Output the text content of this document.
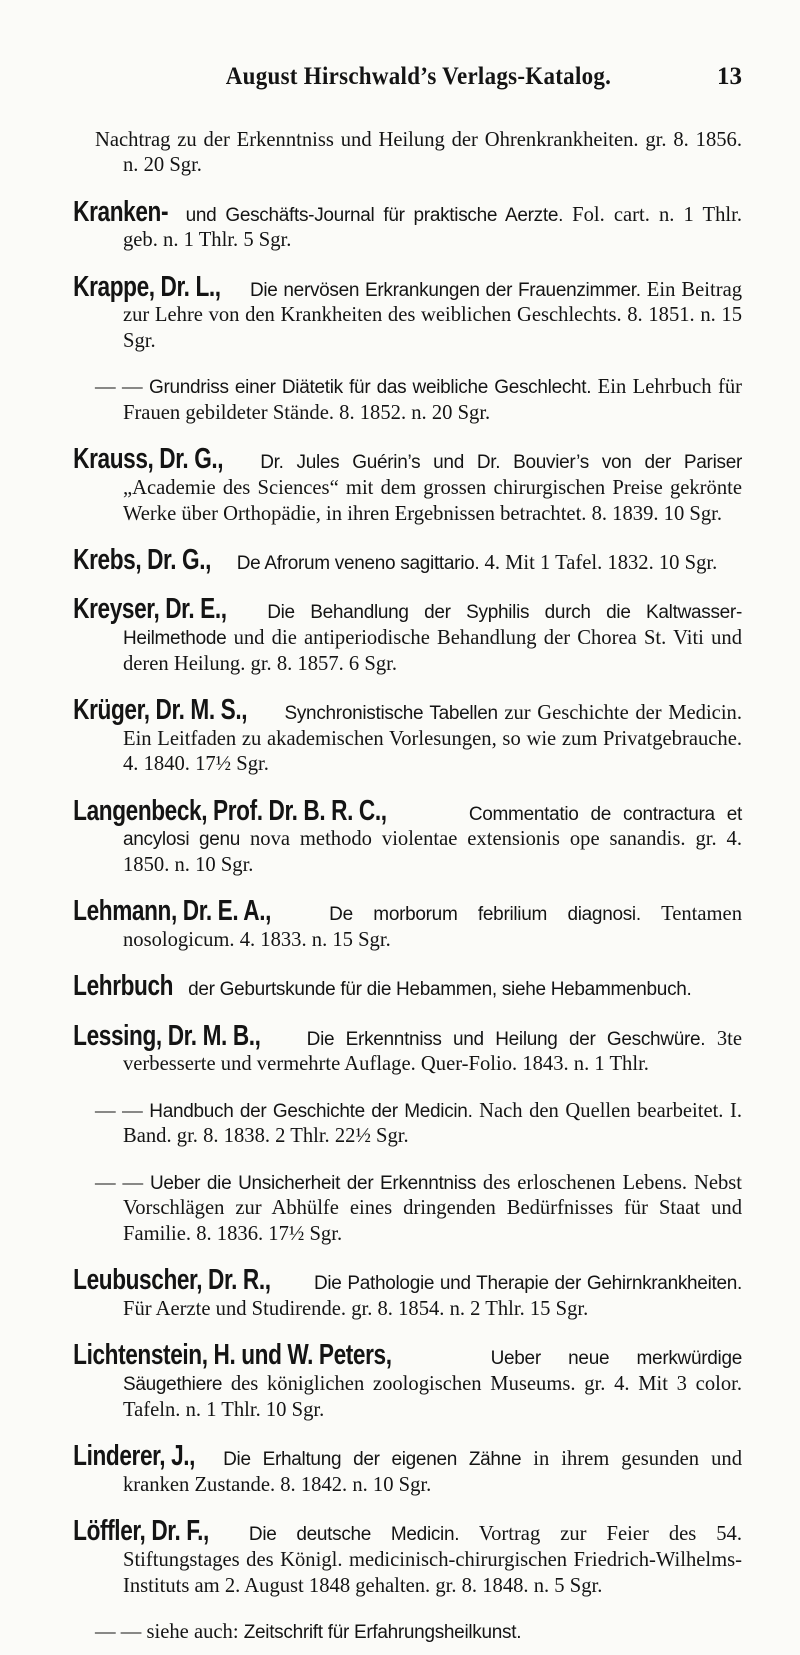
August Hirschwald’s Verlags-Katalog.	13

Nachtrag zu der Erkenntniss und Heilung der Ohrenkrankheiten. gr. 8. 1856. n. 20 Sgr.

Kranken- und Geschäfts-Journal für praktische Aerzte. Fol. cart. n. 1 Thlr. geb. n. 1 Thlr. 5 Sgr.

Krappe, Dr. L., Die nervösen Erkrankungen der Frauenzimmer. Ein Beitrag zur Lehre von den Krankheiten des weiblichen Geschlechts. 8. 1851. n. 15 Sgr.

— — Grundriss einer Diätetik für das weibliche Geschlecht. Ein Lehrbuch für Frauen gebildeter Stände. 8. 1852. n. 20 Sgr.

Krauss, Dr. G., Dr. Jules Guérin’s und Dr. Bouvier’s von der Pariser „Academie des Sciences“ mit dem grossen chirurgischen Preise gekrönte Werke über Orthopädie, in ihren Ergebnissen betrachtet. 8. 1839. 10 Sgr.

Krebs, Dr. G., De Afrorum veneno sagittario. 4. Mit 1 Tafel. 1832. 10 Sgr.

Kreyser, Dr. E., Die Behandlung der Syphilis durch die Kaltwasser-Heilmethode und die antiperiodische Behandlung der Chorea St. Viti und deren Heilung. gr. 8. 1857. 6 Sgr.

Krüger, Dr. M. S., Synchronistische Tabellen zur Geschichte der Medicin. Ein Leitfaden zu akademischen Vorlesungen, so wie zum Privatgebrauche. 4. 1840. 17½ Sgr.

Langenbeck, Prof. Dr. B. R. C.,	Commentatio de contractura et ancylosi genu nova methodo violentae extensionis ope sanandis. gr. 4. 1850. n. 10 Sgr.

Lehmann, Dr. E. A., De morborum febrilium diagnosi. Tentamen nosologicum. 4. 1833. n. 15 Sgr.

Lehrbuch der Geburtskunde für die Hebammen, siehe Hebammenbuch.

Lessing, Dr. M. B., Die Erkenntniss und Heilung der Geschwüre. 3te verbesserte und vermehrte Auflage. Quer-Folio. 1843. n. 1 Thlr.

— — Handbuch der Geschichte der Medicin. Nach den Quellen bearbeitet. I. Band. gr. 8. 1838. 2 Thlr. 22½ Sgr.

— — Ueber die Unsicherheit der Erkenntniss des erloschenen Lebens. Nebst Vorschlägen zur Abhülfe eines dringenden Bedürfnisses für Staat und Familie. 8. 1836. 17½ Sgr.

Leubuscher, Dr. R., Die Pathologie und Therapie der Gehirnkrankheiten. Für Aerzte und Studirende. gr. 8. 1854. n. 2 Thlr. 15 Sgr.

Lichtenstein, H. und W. Peters,	Ueber neue merkwürdige Säugethiere des königlichen zoologischen Museums. gr. 4. Mit 3 color. Tafeln. n. 1 Thlr. 10 Sgr.

Linderer, J., Die Erhaltung der eigenen Zähne in ihrem gesunden und kranken Zustande. 8. 1842. n. 10 Sgr.

Löffler, Dr. F., Die deutsche Medicin. Vortrag zur Feier des 54. Stiftungstages des Königl. medicinisch-chirurgischen Friedrich-Wilhelms-Instituts am 2. August 1848 gehalten. gr. 8. 1848. n. 5 Sgr.

— — siehe auch: Zeitschrift für Erfahrungsheilkunst.
